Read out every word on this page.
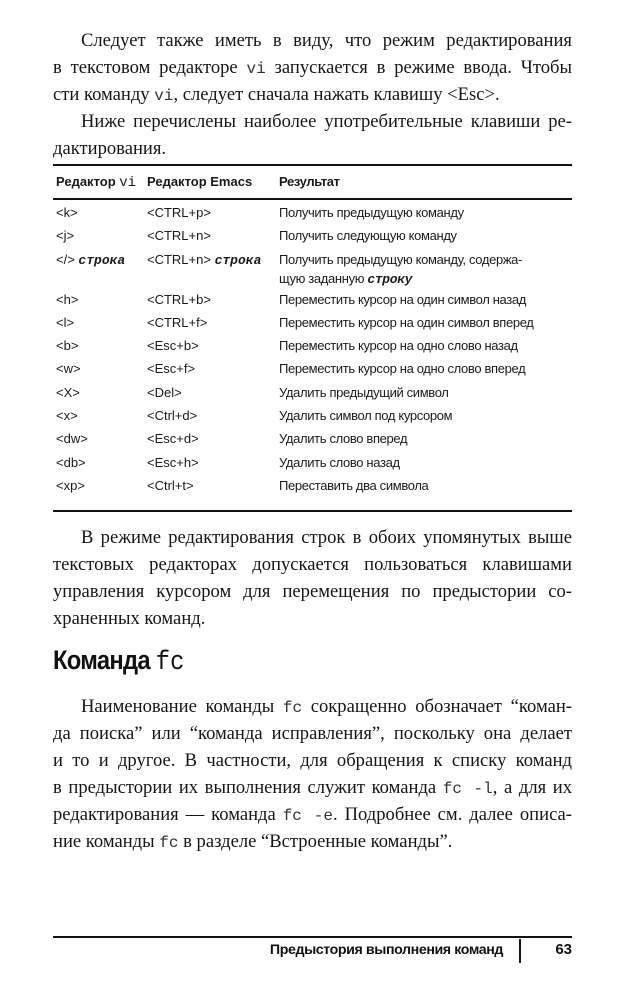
Следует также иметь в виду, что режим редактирования
в текстовом редакторе vi запускается в режиме ввода. Чтобы
сти команду vi, следует сначала нажать клавишу <Esc>.
Ниже перечислены наиболее употребительные клавиши ре-
дактирования.
Редактор vi Редактор Emacs	Результат
<k>	<CTRL+p>	Получить предыдущую команду
<j>	<CTRL+n>	Получить следующую команду
</> строка	<CTRL+n> строка	Получить предыдущую команду, содержа-
щую заданную строку
<h>	<CTRL+b>	Переместить курсор на один символ назад
<l>	<CTRL+f>	Переместить курсор на один символ вперед
<b>	<Esc+b>	Переместить курсор на одно слово назад
<w>	<Esc+f>	Переместить курсор на одно слово вперед
<X>	<Del>	Удалить предыдущий символ
<x>	<Ctrl+d>	Удалить символ под курсором
<dw>	<Esc+d>	Удалить слово вперед
<db>	<Esc+h>	Удалить слово назад
<xp>	<Ctrl+t>	Переставить два символа
В режиме редактирования строк в обоих упомянутых выше
текстовых редакторах допускается пользоваться клавишами
управления курсором для перемещения по предыстории со-
храненных команд.
Команда fc
Наименование команды fc сокращенно обозначает “коман-
да поиска” или “команда исправления”, поскольку она делает
и то и другое. В частности, для обращения к списку команд
в предыстории их выполнения служит команда fc -l, а для их
редактирования — команда fc -e. Подробнее см. далее описа-
ние команды fc в разделе “Встроенные команды”.
Предыстория выполнения команд	63
